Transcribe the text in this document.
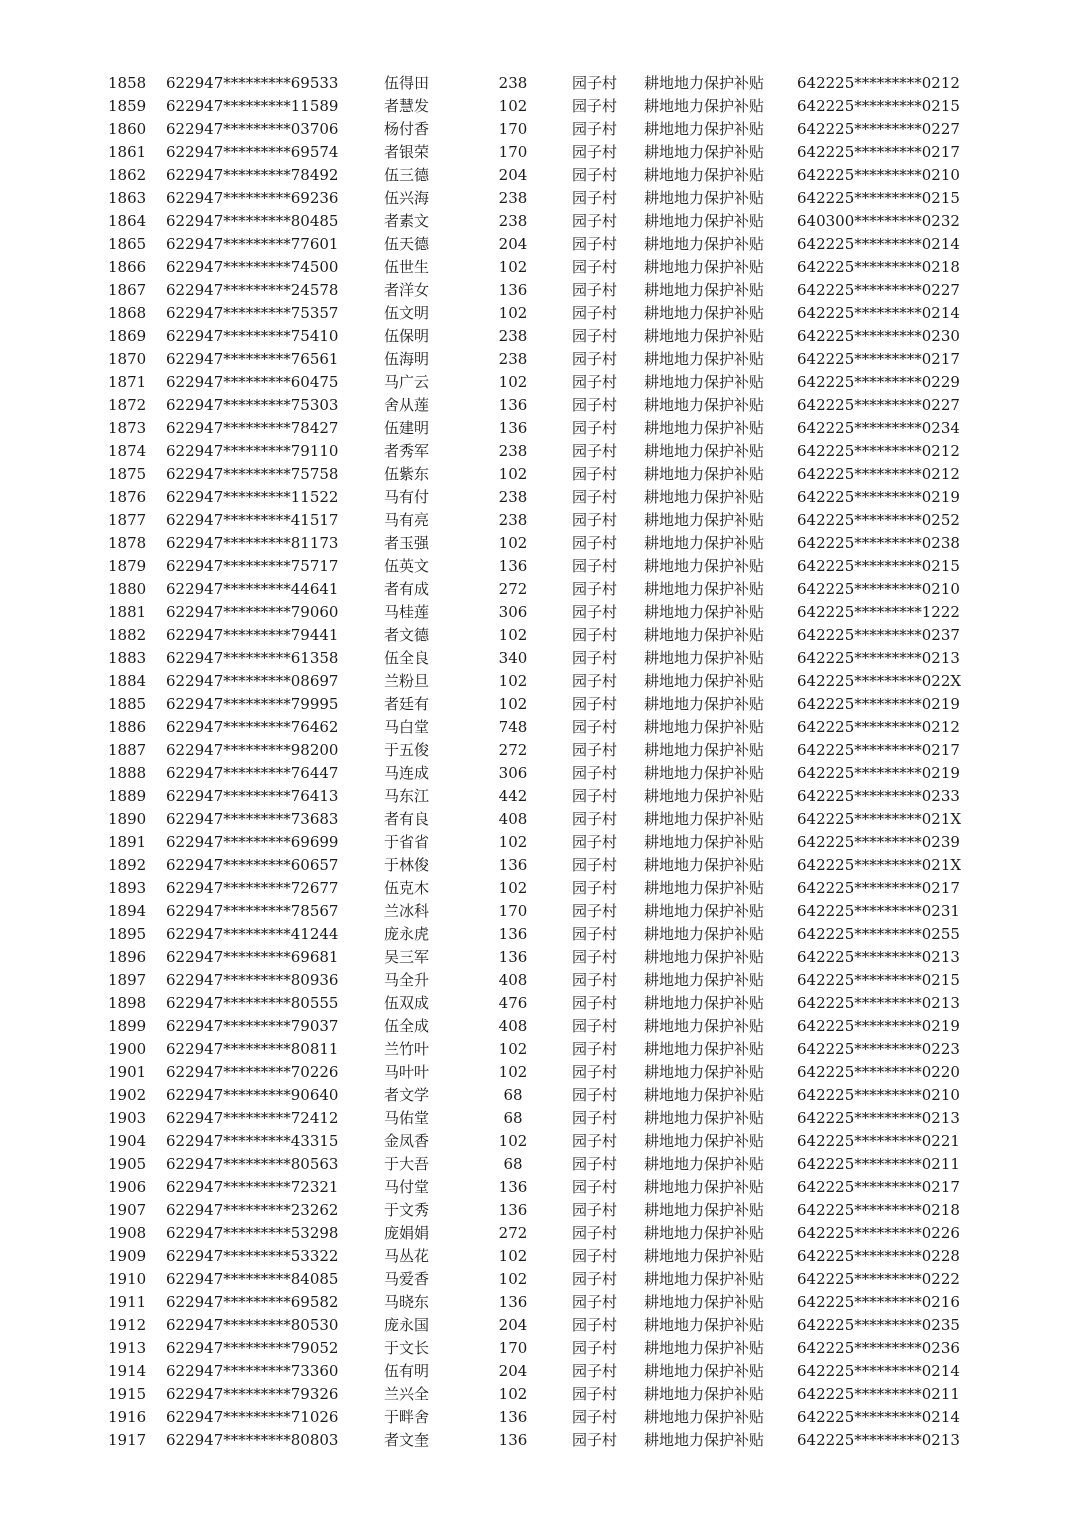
1858 622947*********69533	伍得田	238	园子村 耕地地力保护补贴 642225*********0212
1859 622947*********11589	者慧发	102	园子村 耕地地力保护补贴 642225*********0215
1860 622947*********03706	杨付香	170	园子村 耕地地力保护补贴 642225*********0227
1861 622947*********69574	者银荣	170	园子村 耕地地力保护补贴 642225*********0217
1862 622947*********78492	伍三德	204	园子村 耕地地力保护补贴 642225*********0210
1863 622947*********69236	伍兴海	238	园子村 耕地地力保护补贴 642225*********0215
1864 622947*********80485	者素文	238	园子村 耕地地力保护补贴 640300*********0232
1865 622947*********77601	伍天德	204	园子村 耕地地力保护补贴 642225*********0214
1866 622947*********74500	伍世生	102	园子村 耕地地力保护补贴 642225*********0218
1867 622947*********24578	者洋女	136	园子村 耕地地力保护补贴 642225*********0227
1868 622947*********75357	伍文明	102	园子村 耕地地力保护补贴 642225*********0214
1869 622947*********75410	伍保明	238	园子村 耕地地力保护补贴 642225*********0230
1870 622947*********76561	伍海明	238	园子村 耕地地力保护补贴 642225*********0217
1871 622947*********60475	马广云	102	园子村 耕地地力保护补贴 642225*********0229
1872 622947*********75303	舍从莲	136	园子村 耕地地力保护补贴 642225*********0227
1873 622947*********78427	伍建明	136	园子村 耕地地力保护补贴 642225*********0234
1874 622947*********79110	者秀军	238	园子村 耕地地力保护补贴 642225*********0212
1875 622947*********75758	伍紫东	102	园子村 耕地地力保护补贴 642225*********0212
1876 622947*********11522	马有付	238	园子村 耕地地力保护补贴 642225*********0219
1877 622947*********41517	马有亮	238	园子村 耕地地力保护补贴 642225*********0252
1878 622947*********81173	者玉强	102	园子村 耕地地力保护补贴 642225*********0238
1879 622947*********75717	伍英文	136	园子村 耕地地力保护补贴 642225*********0215
1880 622947*********44641	者有成	272	园子村 耕地地力保护补贴 642225*********0210
1881 622947*********79060	马桂莲	306	园子村 耕地地力保护补贴 642225*********1222
1882 622947*********79441	者文德	102	园子村 耕地地力保护补贴 642225*********0237
1883 622947*********61358	伍全良	340	园子村 耕地地力保护补贴 642225*********0213
1884 622947*********08697	兰粉旦	102	园子村 耕地地力保护补贴 642225*********022X
1885 622947*********79995	者廷有	102	园子村 耕地地力保护补贴 642225*********0219
1886 622947*********76462	马白堂	748	园子村 耕地地力保护补贴 642225*********0212
1887 622947*********98200	于五俊	272	园子村 耕地地力保护补贴 642225*********0217
1888 622947*********76447	马连成	306	园子村 耕地地力保护补贴 642225*********0219
1889 622947*********76413	马东江	442	园子村 耕地地力保护补贴 642225*********0233
1890 622947*********73683	者有良	408	园子村 耕地地力保护补贴 642225*********021X
1891 622947*********69699	于省省	102	园子村 耕地地力保护补贴 642225*********0239
1892 622947*********60657	于林俊	136	园子村 耕地地力保护补贴 642225*********021X
1893 622947*********72677	伍克木	102	园子村 耕地地力保护补贴 642225*********0217
1894 622947*********78567	兰冰科	170	园子村 耕地地力保护补贴 642225*********0231
1895 622947*********41244	庞永虎	136	园子村 耕地地力保护补贴 642225*********0255
1896 622947*********69681	吴三军	136	园子村 耕地地力保护补贴 642225*********0213
1897 622947*********80936	马全升	408	园子村 耕地地力保护补贴 642225*********0215
1898 622947*********80555	伍双成	476	园子村 耕地地力保护补贴 642225*********0213
1899 622947*********79037	伍全成	408	园子村 耕地地力保护补贴 642225*********0219
1900 622947*********80811	兰竹叶	102	园子村 耕地地力保护补贴 642225*********0223
1901 622947*********70226	马叶叶	102	园子村 耕地地力保护补贴 642225*********0220
1902 622947*********90640	者文学	68	园子村 耕地地力保护补贴 642225*********0210
1903 622947*********72412	马佑堂	68	园子村 耕地地力保护补贴 642225*********0213
1904 622947*********43315	金凤香	102	园子村 耕地地力保护补贴 642225*********0221
1905 622947*********80563	于大吾	68	园子村 耕地地力保护补贴 642225*********0211
1906 622947*********72321	马付堂	136	园子村 耕地地力保护补贴 642225*********0217
1907 622947*********23262	于文秀	136	园子村 耕地地力保护补贴 642225*********0218
1908 622947*********53298	庞娟娟	272	园子村 耕地地力保护补贴 642225*********0226
1909 622947*********53322	马丛花	102	园子村 耕地地力保护补贴 642225*********0228
1910 622947*********84085	马爱香	102	园子村 耕地地力保护补贴 642225*********0222
1911 622947*********69582	马晓东	136	园子村 耕地地力保护补贴 642225*********0216
1912 622947*********80530	庞永国	204	园子村 耕地地力保护补贴 642225*********0235
1913 622947*********79052	于文长	170	园子村 耕地地力保护补贴 642225*********0236
1914 622947*********73360	伍有明	204	园子村 耕地地力保护补贴 642225*********0214
1915 622947*********79326	兰兴全	102	园子村 耕地地力保护补贴 642225*********0211
1916 622947*********71026	于畔舍	136	园子村 耕地地力保护补贴 642225*********0214
1917 622947*********80803	者文奎	136	园子村 耕地地力保护补贴 642225*********0213
